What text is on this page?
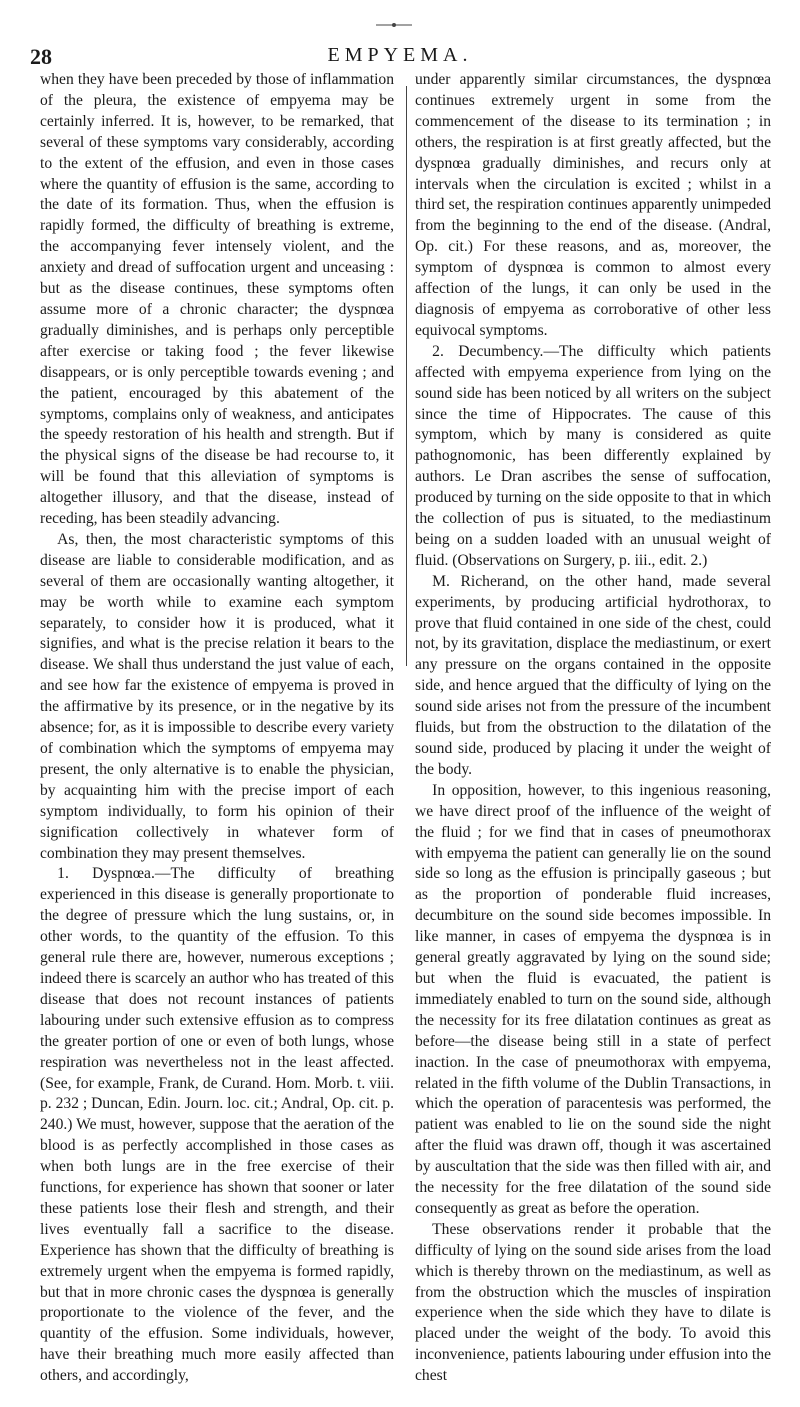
28	EMPYEMA.

when they have been preceded by those of inflammation of the pleura, the existence of empyema may be certainly inferred. It is, however, to be remarked, that several of these symptoms vary considerably, according to the extent of the effusion, and even in those cases where the quantity of effusion is the same, according to the date of its formation. Thus, when the effusion is rapidly formed, the difficulty of breathing is extreme, the accompanying fever intensely violent, and the anxiety and dread of suffocation urgent and unceasing : but as the disease continues, these symptoms often assume more of a chronic character; the dyspnœa gradually diminishes, and is perhaps only perceptible after exercise or taking food ; the fever likewise disappears, or is only perceptible towards evening ; and the patient, encouraged by this abatement of the symptoms, complains only of weakness, and anticipates the speedy restoration of his health and strength. But if the physical signs of the disease be had recourse to, it will be found that this alleviation of symptoms is altogether illusory, and that the disease, instead of receding, has been steadily advancing.

As, then, the most characteristic symptoms of this disease are liable to considerable modification, and as several of them are occasionally wanting altogether, it may be worth while to examine each symptom separately, to consider how it is produced, what it signifies, and what is the precise relation it bears to the disease. We shall thus understand the just value of each, and see how far the existence of empyema is proved in the affirmative by its presence, or in the negative by its absence; for, as it is impossible to describe every variety of combination which the symptoms of empyema may present, the only alternative is to enable the physician, by acquainting him with the precise import of each symptom individually, to form his opinion of their signification collectively in whatever form of combination they may present themselves.

1. Dyspnœa.—The difficulty of breathing experienced in this disease is generally proportionate to the degree of pressure which the lung sustains, or, in other words, to the quantity of the effusion. To this general rule there are, however, numerous exceptions ; indeed there is scarcely an author who has treated of this disease that does not recount instances of patients labouring under such extensive effusion as to compress the greater portion of one or even of both lungs, whose respiration was nevertheless not in the least affected. (See, for example, Frank, de Curand. Hom. Morb. t. viii. p. 232 ; Duncan, Edin. Journ. loc. cit.; Andral, Op. cit. p. 240.) We must, however, suppose that the aeration of the blood is as perfectly accomplished in those cases as when both lungs are in the free exercise of their functions, for experience has shown that sooner or later these patients lose their flesh and strength, and their lives eventually fall a sacrifice to the disease. Experience has shown that the difficulty of breathing is extremely urgent when the empyema is formed rapidly, but that in more chronic cases the dyspnœa is generally proportionate to the violence of the fever, and the quantity of the effusion. Some individuals, however, have their breathing much more easily affected than others, and accordingly,

under apparently similar circumstances, the dyspnœa continues extremely urgent in some from the commencement of the disease to its termination ; in others, the respiration is at first greatly affected, but the dyspnœa gradually diminishes, and recurs only at intervals when the circulation is excited ; whilst in a third set, the respiration continues apparently unimpeded from the beginning to the end of the disease. (Andral, Op. cit.) For these reasons, and as, moreover, the symptom of dyspnœa is common to almost every affection of the lungs, it can only be used in the diagnosis of empyema as corroborative of other less equivocal symptoms.

2. Decumbency.—The difficulty which patients affected with empyema experience from lying on the sound side has been noticed by all writers on the subject since the time of Hippocrates. The cause of this symptom, which by many is considered as quite pathognomonic, has been differently explained by authors. Le Dran ascribes the sense of suffocation, produced by turning on the side opposite to that in which the collection of pus is situated, to the mediastinum being on a sudden loaded with an unusual weight of fluid. (Observations on Surgery, p. iii., edit. 2.)

M. Richerand, on the other hand, made several experiments, by producing artificial hydrothorax, to prove that fluid contained in one side of the chest, could not, by its gravitation, displace the mediastinum, or exert any pressure on the organs contained in the opposite side, and hence argued that the difficulty of lying on the sound side arises not from the pressure of the incumbent fluids, but from the obstruction to the dilatation of the sound side, produced by placing it under the weight of the body.

In opposition, however, to this ingenious reasoning, we have direct proof of the influence of the weight of the fluid ; for we find that in cases of pneumothorax with empyema the patient can generally lie on the sound side so long as the effusion is principally gaseous ; but as the proportion of ponderable fluid increases, decumbiture on the sound side becomes impossible. In like manner, in cases of empyema the dyspnœa is in general greatly aggravated by lying on the sound side; but when the fluid is evacuated, the patient is immediately enabled to turn on the sound side, although the necessity for its free dilatation continues as great as before—the disease being still in a state of perfect inaction. In the case of pneumothorax with empyema, related in the fifth volume of the Dublin Transactions, in which the operation of paracentesis was performed, the patient was enabled to lie on the sound side the night after the fluid was drawn off, though it was ascertained by auscultation that the side was then filled with air, and the necessity for the free dilatation of the sound side consequently as great as before the operation.

These observations render it probable that the difficulty of lying on the sound side arises from the load which is thereby thrown on the mediastinum, as well as from the obstruction which the muscles of inspiration experience when the side which they have to dilate is placed under the weight of the body. To avoid this inconvenience, patients labouring under effusion into the chest
